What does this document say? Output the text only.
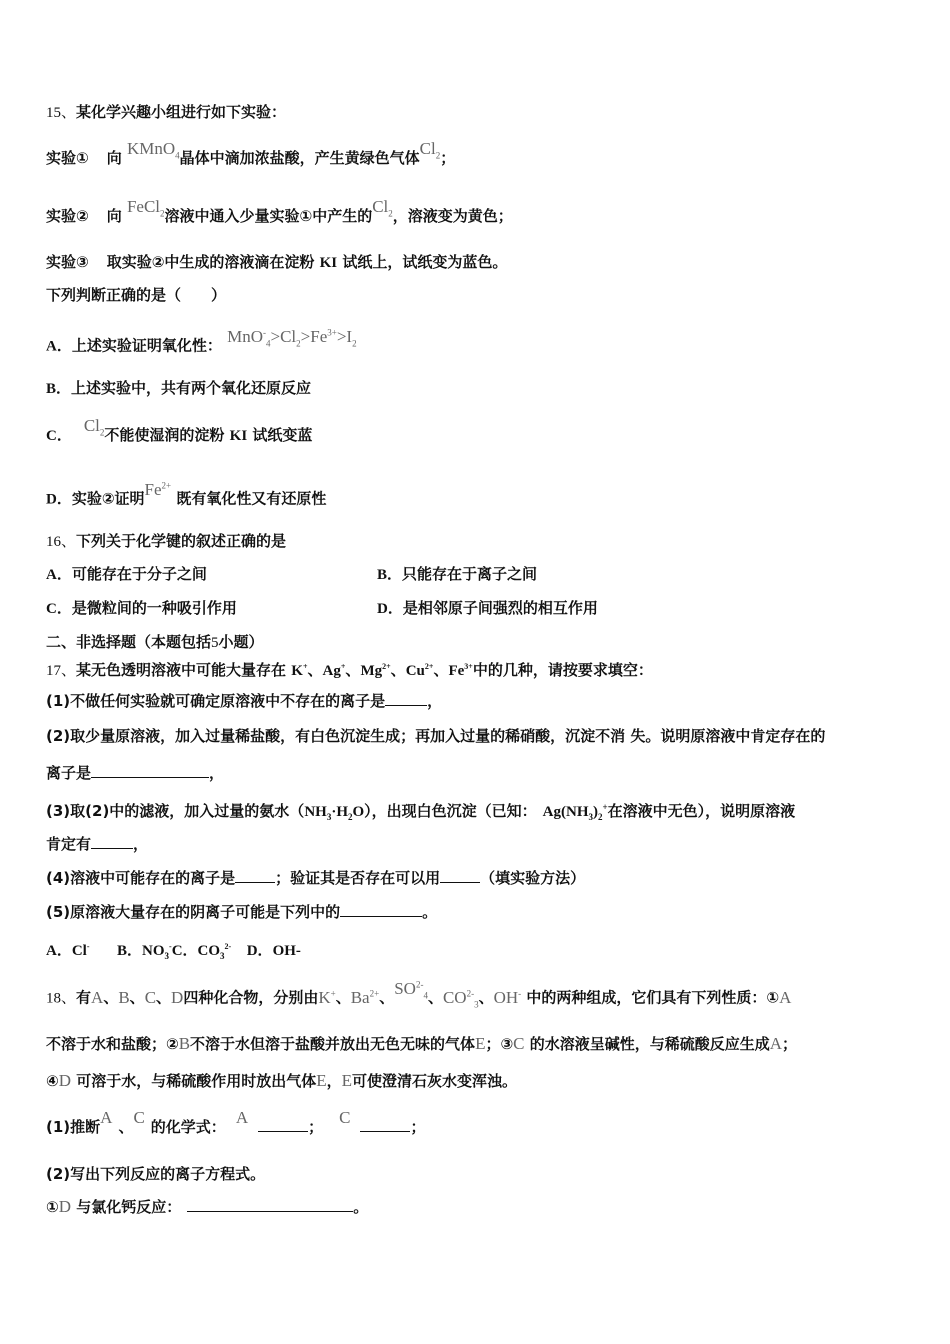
15、某化学兴趣小组进行如下实验：
实验① 向 KMnO$_4$晶体中滴加浓盐酸，产生黄绿色气体$Cl_2$；
实验② 向 FeCl$_2$溶液中通入少量实验①中产生的$Cl_2$，溶液变为黄色；
实验③ 取实验②中生成的溶液滴在淀粉 KI 试纸上，试纸变为蓝色。
下列判断正确的是（　　）
A．上述实验证明氧化性： $MnO^-_4>Cl_2>Fe^{3+}>I_2$
B．上述实验中，共有两个氧化还原反应
C．$Cl_2$不能使湿润的淀粉 KI 试纸变蓝
D．实验②证明$Fe^{2+}$ 既有氧化性又有还原性
16、下列关于化学键的叙述正确的是
A．可能存在于分子之间	B．只能存在于离子之间
C．是微粒间的一种吸引作用	D．是相邻原子间强烈的相互作用
二、非选择题（本题包括5小题）
17、某无色透明溶液中可能大量存在 K+、Ag+、$Mg^{2+}$、$Cu^{2+}$、$Fe^{3+}$中的几种，请按要求填空：
(1)不做任何实验就可确定原溶液中不存在的离子是	，
(2)取少量原溶液，加入过量稀盐酸，有白色沉淀生成；再加入过量的稀硝酸，沉淀不消 失。说明原溶液中肯定存在的
离子是	，
(3)取(2)中的滤液，加入过量的氨水$(NH_3\cdot H_2O)$，出现白色沉淀（已知： $Ag(NH_3)_2^+$在溶液中无色），说明原溶液
肯定有	，
(4)溶液中可能存在的离子是	；验证其是否存在可以用	（填实验方法）
(5)原溶液大量存在的阴离子可能是下列中的	。
A．Cl- B．$NO_3^-C$．$CO_3^{2-}$ D．OH-
18、有A、B、C、D四种化合物，分别由K+、$Ba^{2+}$、$SO^{2-}_4$、$CO^{2-}_3$、OH- 中的两种组成，它们具有下列性质：①A
不溶于水和盐酸；②B不溶于水但溶于盐酸并放出无色无味的气体E；③C 的水溶液呈碱性，与稀硫酸反应生成A；
④D 可溶于水，与稀硫酸作用时放出气体E，E可使澄清石灰水变浑浊。
(1)推断A 、C 的化学式： A	； C	；
(2)写出下列反应的离子方程式。
①D 与氯化钙反应：	。
